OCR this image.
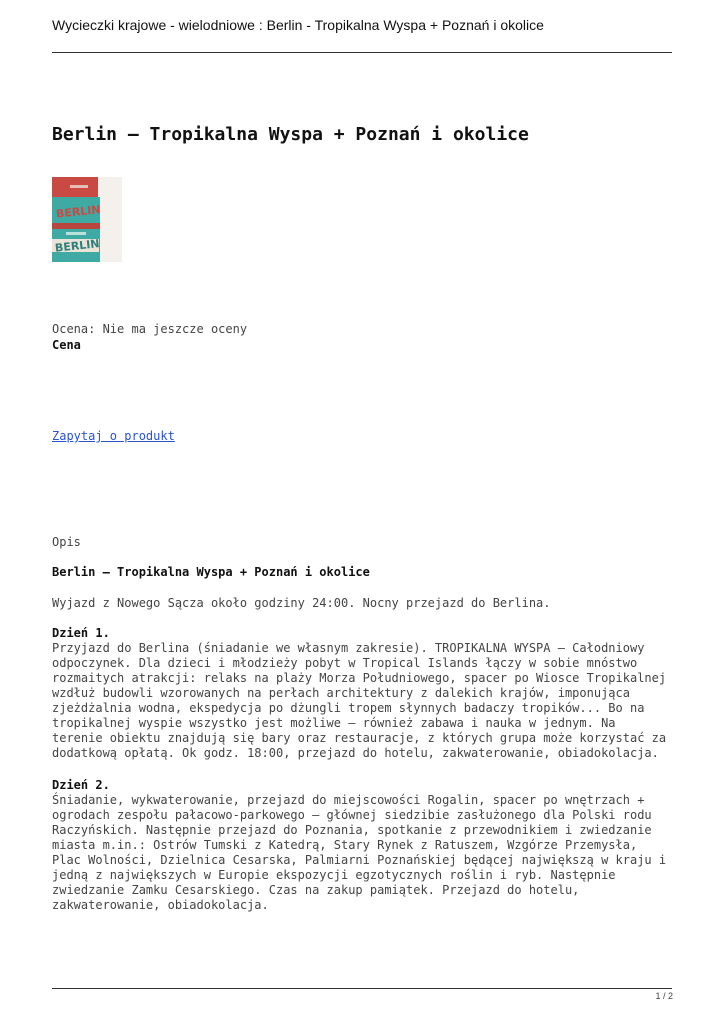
Wycieczki krajowe - wielodniowe : Berlin - Tropikalna Wyspa + Poznań i okolice
Berlin – Tropikalna Wyspa + Poznań i okolice
BERLIN
BERLIN
Ocena: Nie ma jeszcze oceny
Cena
Zapytaj o produkt
Opis
Berlin – Tropikalna Wyspa + Poznań i okolice
Wyjazd z Nowego Sącza około godziny 24:00. Nocny przejazd do Berlina.
Dzień 1.
Przyjazd do Berlina (śniadanie we własnym zakresie). TROPIKALNA WYSPA – Całodniowy
odpoczynek. Dla dzieci i młodzieży pobyt w Tropical Islands łączy w sobie mnóstwo
rozmaitych atrakcji: relaks na plaży Morza Południowego, spacer po Wiosce Tropikalnej
wzdłuż budowli wzorowanych na perłach architektury z dalekich krajów, imponująca
zjeżdżalnia wodna, ekspedycja po dżungli tropem słynnych badaczy tropików... Bo na
tropikalnej wyspie wszystko jest możliwe – również zabawa i nauka w jednym. Na
terenie obiektu znajdują się bary oraz restauracje, z których grupa może korzystać za
dodatkową opłatą. Ok godz. 18:00, przejazd do hotelu, zakwaterowanie, obiadokolacja.
Dzień 2.
Śniadanie, wykwaterowanie, przejazd do miejscowości Rogalin, spacer po wnętrzach +
ogrodach zespołu pałacowo-parkowego – głównej siedzibie zasłużonego dla Polski rodu
Raczyńskich. Następnie przejazd do Poznania, spotkanie z przewodnikiem i zwiedzanie
miasta m.in.: Ostrów Tumski z Katedrą, Stary Rynek z Ratuszem, Wzgórze Przemysła,
Plac Wolności, Dzielnica Cesarska, Palmiarni Poznańskiej będącej największą w kraju i
jedną z największych w Europie ekspozycji egzotycznych roślin i ryb. Następnie
zwiedzanie Zamku Cesarskiego. Czas na zakup pamiątek. Przejazd do hotelu,
zakwaterowanie, obiadokolacja.
1 / 2
